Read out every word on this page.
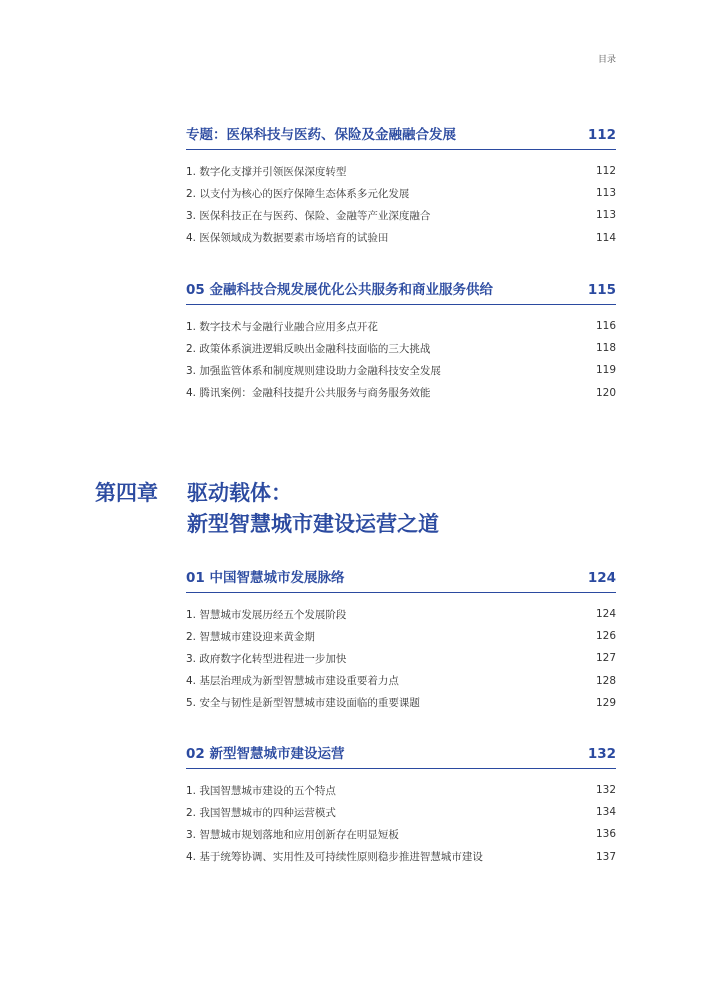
目录
专题：医保科技与医药、保险及金融融合发展	112
1. 数字化支撑并引领医保深度转型	112
2. 以支付为核心的医疗保障生态体系多元化发展	113
3. 医保科技正在与医药、保险、金融等产业深度融合	113
4. 医保领域成为数据要素市场培育的试验田	114
05 金融科技合规发展优化公共服务和商业服务供给	115
1. 数字技术与金融行业融合应用多点开花	116
2. 政策体系演进逻辑反映出金融科技面临的三大挑战	118
3. 加强监管体系和制度规则建设助力金融科技安全发展	119
4. 腾讯案例：金融科技提升公共服务与商务服务效能	120
第四章 驱动载体：
新型智慧城市建设运营之道
01 中国智慧城市发展脉络	124
1. 智慧城市发展历经五个发展阶段	124
2. 智慧城市建设迎来黄金期	126
3. 政府数字化转型进程进一步加快	127
4. 基层治理成为新型智慧城市建设重要着力点	128
5. 安全与韧性是新型智慧城市建设面临的重要课题	129
02 新型智慧城市建设运营	132
1. 我国智慧城市建设的五个特点	132
2. 我国智慧城市的四种运营模式	134
3. 智慧城市规划落地和应用创新存在明显短板	136
4. 基于统筹协调、实用性及可持续性原则稳步推进智慧城市建设	137
